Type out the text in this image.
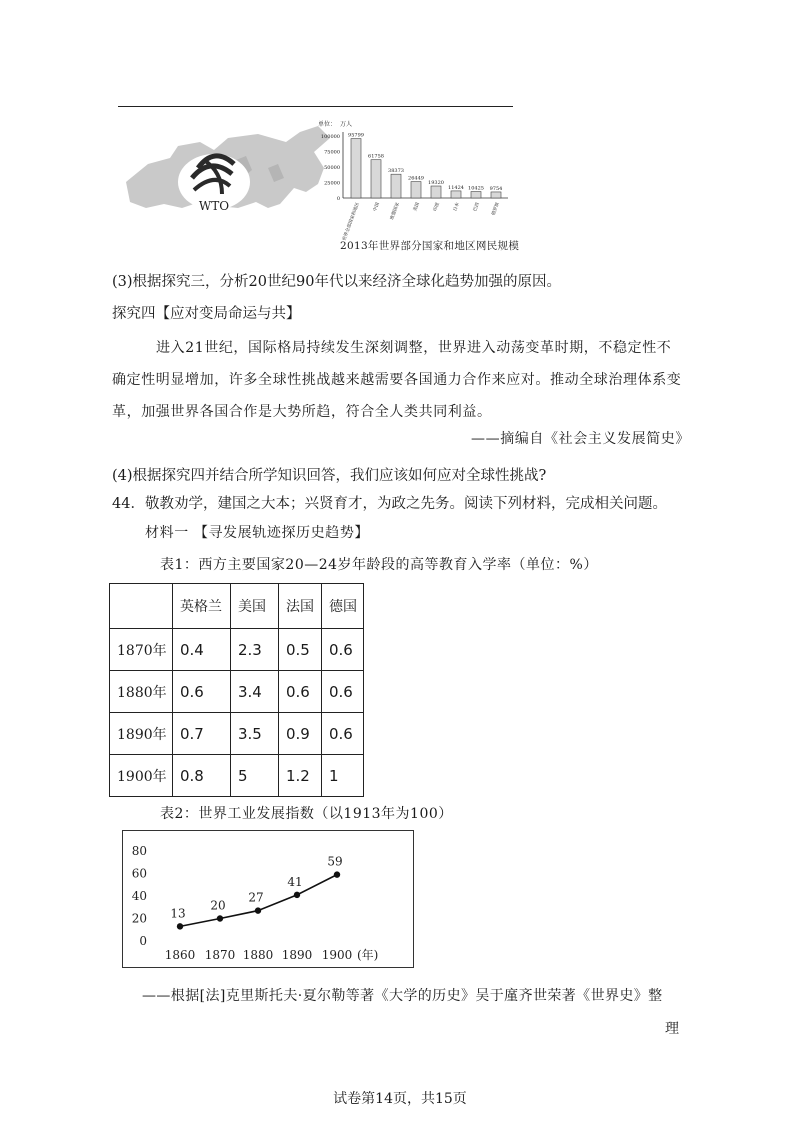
WTO
单位： 万人
0
25000
50000
75000
100000 95799
世界全部国家和地区
61758
中国
38373
欧盟国家
26449
美国
19320
印度
11424
日本
10425
巴西
9754
俄罗斯
2013年世界部分国家和地区网民规模
(3)根据探究三，分析20世纪90年代以来经济全球化趋势加强的原因。
探究四【应对变局命运与共】
进入21世纪，国际格局持续发生深刻调整，世界进入动荡变革时期，不稳定性不确定性明显增加，许多全球性挑战越来越需要各国通力合作来应对。推动全球治理体系变革，加强世界各国合作是大势所趋，符合全人类共同利益。
——摘编自《社会主义发展简史》
(4)根据探究四并结合所学知识回答，我们应该如何应对全球性挑战?
44．敬教劝学，建国之大本；兴贤育才，为政之先务。阅读下列材料，完成相关问题。
材料一 【寻发展轨迹探历史趋势】
表1：西方主要国家20—24岁年龄段的高等教育入学率（单位：%）
	英格兰	美国	法国	德国
1870年	0.4	2.3	0.5	0.6
1880年	0.6	3.4	0.6	0.6
1890年	0.7	3.5	0.9	0.6
1900年	0.8	5	1.2	1
表2：世界工业发展指数（以1913年为100）
0
20
40
60
80
1860 1870 1880 1890 1900 (年)
13
20
27
41
59
——根据[法]克里斯托夫·夏尔勒等著《大学的历史》吴于廑齐世荣著《世界史》整
理
试卷第14页，共15页
